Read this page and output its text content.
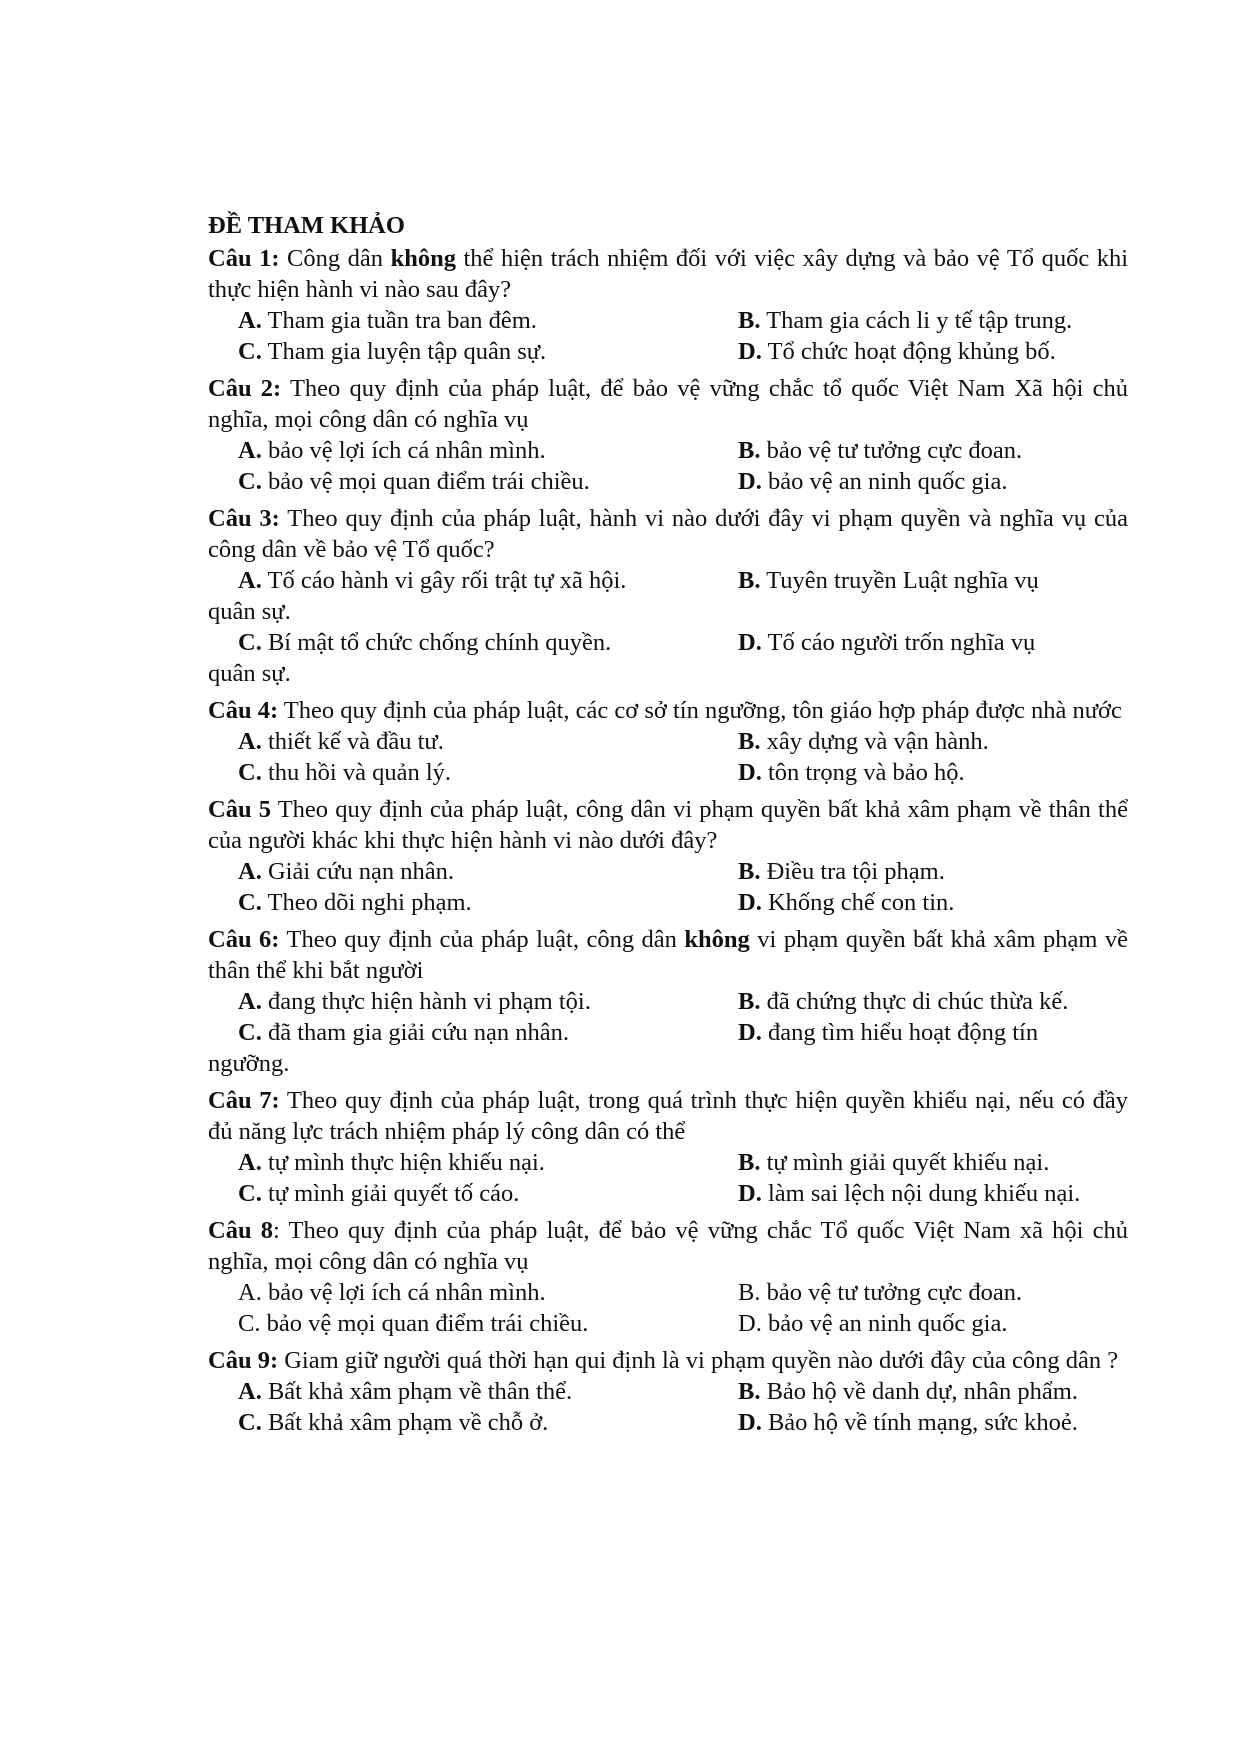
ĐỀ THAM KHẢO
Câu 1: Công dân không thể hiện trách nhiệm đối với việc xây dựng và bảo vệ Tổ quốc khi thực hiện hành vi nào sau đây?
A. Tham gia tuần tra ban đêm.	B. Tham gia cách li y tế tập trung.
C. Tham gia luyện tập quân sự.	D. Tổ chức hoạt động khủng bố.
Câu 2: Theo quy định của pháp luật, để bảo vệ vững chắc tổ quốc Việt Nam Xã hội chủ nghĩa, mọi công dân có nghĩa vụ
A. bảo vệ lợi ích cá nhân mình.	B. bảo vệ tư tưởng cực đoan.
C. bảo vệ mọi quan điểm trái chiều.	D. bảo vệ an ninh quốc gia.
Câu 3: Theo quy định của pháp luật, hành vi nào dưới đây vi phạm quyền và nghĩa vụ của công dân về bảo vệ Tổ quốc?
A. Tố cáo hành vi gây rối trật tự xã hội.	B. Tuyên truyền Luật nghĩa vụ
quân sự.
C. Bí mật tổ chức chống chính quyền.	D. Tố cáo người trốn nghĩa vụ
quân sự.
Câu 4: Theo quy định của pháp luật, các cơ sở tín ngưỡng, tôn giáo hợp pháp được nhà nước
A. thiết kế và đầu tư.	B. xây dựng và vận hành.
C. thu hồi và quản lý.	D. tôn trọng và bảo hộ.
Câu 5 Theo quy định của pháp luật, công dân vi phạm quyền bất khả xâm phạm về thân thể của người khác khi thực hiện hành vi nào dưới đây?
A. Giải cứu nạn nhân.	B. Điều tra tội phạm.
C. Theo dõi nghi phạm.	D. Khống chế con tin.
Câu 6: Theo quy định của pháp luật, công dân không vi phạm quyền bất khả xâm phạm về thân thể khi bắt người
A. đang thực hiện hành vi phạm tội.	B. đã chứng thực di chúc thừa kế.
C. đã tham gia giải cứu nạn nhân.	D. đang tìm hiểu hoạt động tín
ngưỡng.
Câu 7: Theo quy định của pháp luật, trong quá trình thực hiện quyền khiếu nại, nếu có đầy đủ năng lực trách nhiệm pháp lý công dân có thể
A. tự mình thực hiện khiếu nại.	B. tự mình giải quyết khiếu nại.
C. tự mình giải quyết tố cáo.	D. làm sai lệch nội dung khiếu nại.
Câu 8: Theo quy định của pháp luật, để bảo vệ vững chắc Tổ quốc Việt Nam xã hội chủ nghĩa, mọi công dân có nghĩa vụ
A. bảo vệ lợi ích cá nhân mình.	B. bảo vệ tư tưởng cực đoan.
C. bảo vệ mọi quan điểm trái chiều.	D. bảo vệ an ninh quốc gia.
Câu 9: Giam giữ người quá thời hạn qui định là vi phạm quyền nào dưới đây của công dân ?
A. Bất khả xâm phạm về thân thể.	B. Bảo hộ về danh dự, nhân phẩm.
C. Bất khả xâm phạm về chỗ ở.	D. Bảo hộ về tính mạng, sức khoẻ.
